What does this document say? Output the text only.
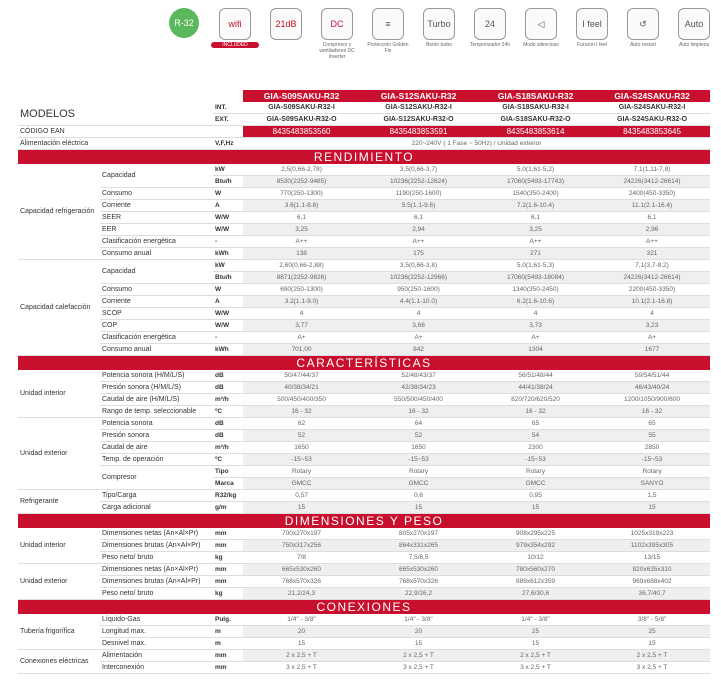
R-32	wifi
INCLUDED
21dB	DC
Compresor y ventiladores DC Inverter
≡
Protección Golden Fin
Turbo
Botón turbo
24
Temporizador 24h
◁
Modo silencioso
I feel
Función I feel
↺
Auto restart
Auto
Auto limpieza
			GIA-S09SAKU-R32	GIA-S12SAKU-R32	GIA-S18SAKU-R32	GIA-S24SAKU-R32
MODELOS		INT.	GIA-S09SAKU-R32-I	GIA-S12SAKU-R32-I	GIA-S18SAKU-R32-I	GIA-S24SAKU-R32-I
		EXT.	GIA-S09SAKU-R32-O	GIA-S12SAKU-R32-O	GIA-S18SAKU-R32-O	GIA-S24SAKU-R32-O
CÓDIGO EAN			8435483853560	8435483853591	8435483853614	8435483853645
Alimentación eléctrica		V,F,Hz	220~240V ( 1 Fase ~ 50Hz) / Unidad exterior			
RENDIMIENTO						
Capacidad refrigeración	Capacidad	kW	2,5(0,66-2,78)	3,5(0,66-3,7)	5,0(1,61-5,2)	7,1(1,11-7,8)
		Btu/h	8530(2252-9485)	10236(2252-12624)	17060(5493-17743)	24226(3412-26614)
	Consumo	W	770(250-1300)	1190(250-1600)	1540(350-2400)	2400(450-3350)
	Corriente	A	3.6(1.1-8.8)	5.5(1.1-9.6)	7.2(1.6-10.4)	11.1(2.1-16.4)
	SEER	W/W	6,1	6,1	6,1	6,1
	EER	W/W	3,25	2,94	3,25	2,96
	Clasificación energética	-	A++	A++	A++	A++
	Consumo anual	kWh	138	175	271	321
Capacidad calefacción	Capacidad	kW	2,60(0,66-2,88)	3,5(0,66-3,8)	5,0(1,61-5,3)	7,1(3,7-8,2)
		Btu/h	8871(2252-9826)	10236(2252-12966)	17060(5493-18084)	24226(3412-26614)
	Consumo	W	690(250-1300)	950(250-1600)	1340(350-2450)	2200(450-3350)
	Corriente	A	3.2(1.1-9.0)	4.4(1.1-10.0)	6.2(1.6-10.6)	10.1(2.1-16.8)
	SCOP	W/W	4	4	4	4
	COP	W/W	3,77	3,68	3,73	3,23
	Clasificación energética	-	A+	A+	A+	A+
	Consumo anual	kWh	701,00	842	1304	1677
CARACTERÍSTICAS						
Unidad interior	Potencia sonora (H/M/L/S)	dB	50/47/44/37	52/48/43/37	56/51/48/44	59/54/51/44
	Presión sonora (H/M/L/S)	dB	40/38/34/21	42/38/34/23	44/41/38/24	46/43/40/24
	Caudal de aire (H/M/L/S)	m³/h	500/450/400/350	550/500/450/400	820/720/620/520	1200/1050/900/800
	Rango de temp. seleccionable	ºC	16 - 32	16 - 32	16 - 32	16 - 32
Unidad exterior	Potencia sonora	dB	62	64	65	65
	Presión sonora	dB	52	52	54	55
	Caudal de aire	m³/h	1650	1650	2300	2850
	Temp. de operación	ºC	-15~53	-15~53	-15~53	-15~53
	Compresor	Tipo	Rotary	Rotary	Rotary	Rotary
		Marca	GMCC	GMCC	GMCC	SANYO
Refrigerante	Tipo/Carga	R32/kg	0,57	0,6	0,95	1,5
	Carga adicional	g/m	15	15	15	15
DIMENSIONES Y PESO						
Unidad interior	Dimensiones netas (An×Al×Pr)	mm	700x270x197	805x270x197	908x295x225	1025x319x223
	Dimensiones brutas (An×Al×Pr)	mm	750x317x256	864x331x265	979x354x292	1102x395x305
	Peso neto/ bruto	kg	7/8	7,5/8,5	10/12	13/15
Unidad exterior	Dimensiones netas (An×Al×Pr)	mm	665x530x260	665x530x260	780x560x270	820x635x310
	Dimensiones brutas (An×Al×Pr)	mm	768x570x326	768x570x326	889x612x359	969x688x402
	Peso neto/ bruto	kg	21,2/24,3	22,9/26,2	27,6/30,6	36,7/40,7
CONEXIONES						
Tubería frigorífica	Líquido-Gas	Pulg.	1/4" - 3/8"	1/4" - 3/8"	1/4" - 3/8"	3/8" - 5/8"
	Longitud max.	m	20	20	25	25
	Desnivel max.	m	15	15	15	15
Conexiones eléctricas	Alimentación	mm	2 x 2,5 + T	2 x 2,5 + T	2 x 2,5 + T	2 x 2,5 + T
	Interconexión	mm	3 x 2,5 + T	3 x 2,5 + T	3 x 2,5 + T	3 x 2,5 + T
